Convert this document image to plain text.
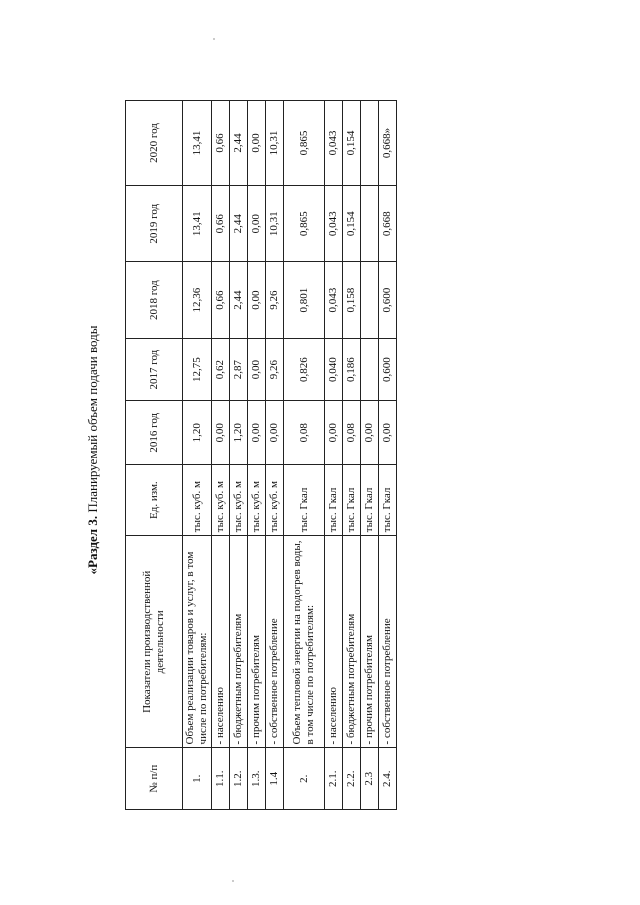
«Раздел 3. Планируемый объем подачи воды
№ п/п	Показатели производственной деятельности	Ед. изм.	2016 год	2017 год	2018 год	2019 год	2020 год
1.	Объем реализации товаров и услуг, в том числе по потребителям:	тыс. куб. м	1,20	12,75	12,36	13,41	13,41
1.1.	- населению	тыс. куб. м	0,00	0,62	0,66	0,66	0,66
1.2.	- бюджетным потребителям	тыс. куб. м	1,20	2,87	2,44	2,44	2,44
1.3.	- прочим потребителям	тыс. куб. м	0,00	0,00	0,00	0,00	0,00
1.4	- собственное потребление	тыс. куб. м	0,00	9,26	9,26	10,31	10,31
2.	Объем тепловой энергии на подогрев воды, в том числе по потребителям:	тыс. Гкал	0,08	0,826	0,801	0,865	0,865
2.1.	- населению	тыс. Гкал	0,00	0,040	0,043	0,043	0,043
2.2.	- бюджетным потребителям	тыс. Гкал	0,08	0,186	0,158	0,154	0,154
2.3	- прочим потребителям	тыс. Гкал	0,00				
2.4.	- собственное потребление	тыс. Гкал	0,00	0,600	0,600	0,668	0,668»
